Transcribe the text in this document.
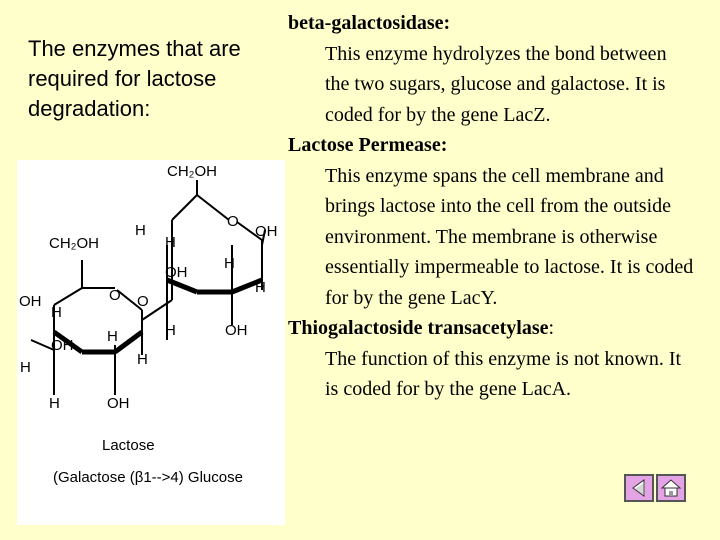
The enzymes that are
required for lactose
degradation:
CH₂OH
CH₂OH
O
OH
H
H
OH
H
H
O O
OH
H
H
OH
H	OH
H
H
H	OH
Lactose
(Galactose (β1-->4) Glucose
beta-galactosidase:
This enzyme hydrolyzes the bond between the two sugars, glucose and galactose. It is coded for by the gene LacZ.
Lactose Permease:
This enzyme spans the cell membrane and brings lactose into the cell from the outside environment. The membrane is otherwise essentially impermeable to lactose. It is coded for by the gene LacY.
Thiogalactoside transacetylase:
The function of this enzyme is not known. It is coded for by the gene LacA.
